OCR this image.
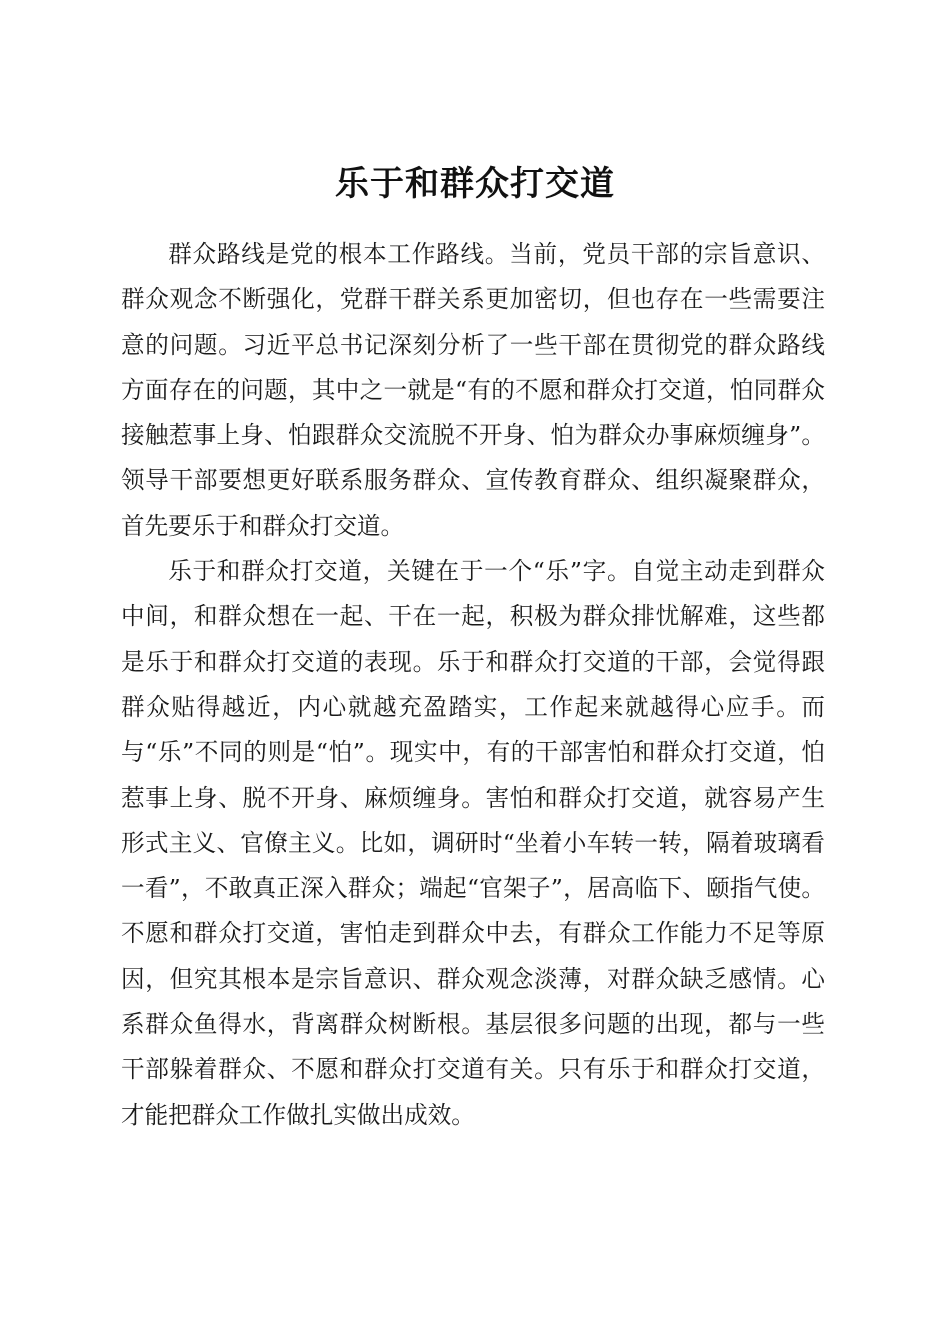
乐于和群众打交道

群众路线是党的根本工作路线。当前，党员干部的宗旨意识、群众观念不断强化，党群干群关系更加密切，但也存在一些需要注意的问题。习近平总书记深刻分析了一些干部在贯彻党的群众路线方面存在的问题，其中之一就是“有的不愿和群众打交道，怕同群众接触惹事上身、怕跟群众交流脱不开身、怕为群众办事麻烦缠身”。领导干部要想更好联系服务群众、宣传教育群众、组织凝聚群众，首先要乐于和群众打交道。

乐于和群众打交道，关键在于一个“乐”字。自觉主动走到群众中间，和群众想在一起、干在一起，积极为群众排忧解难，这些都是乐于和群众打交道的表现。乐于和群众打交道的干部，会觉得跟群众贴得越近，内心就越充盈踏实，工作起来就越得心应手。而与“乐”不同的则是“怕”。现实中，有的干部害怕和群众打交道，怕惹事上身、脱不开身、麻烦缠身。害怕和群众打交道，就容易产生形式主义、官僚主义。比如，调研时“坐着小车转一转，隔着玻璃看一看”，不敢真正深入群众；端起“官架子”，居高临下、颐指气使。不愿和群众打交道，害怕走到群众中去，有群众工作能力不足等原因，但究其根本是宗旨意识、群众观念淡薄，对群众缺乏感情。心系群众鱼得水，背离群众树断根。基层很多问题的出现，都与一些干部躲着群众、不愿和群众打交道有关。只有乐于和群众打交道，才能把群众工作做扎实做出成效。
